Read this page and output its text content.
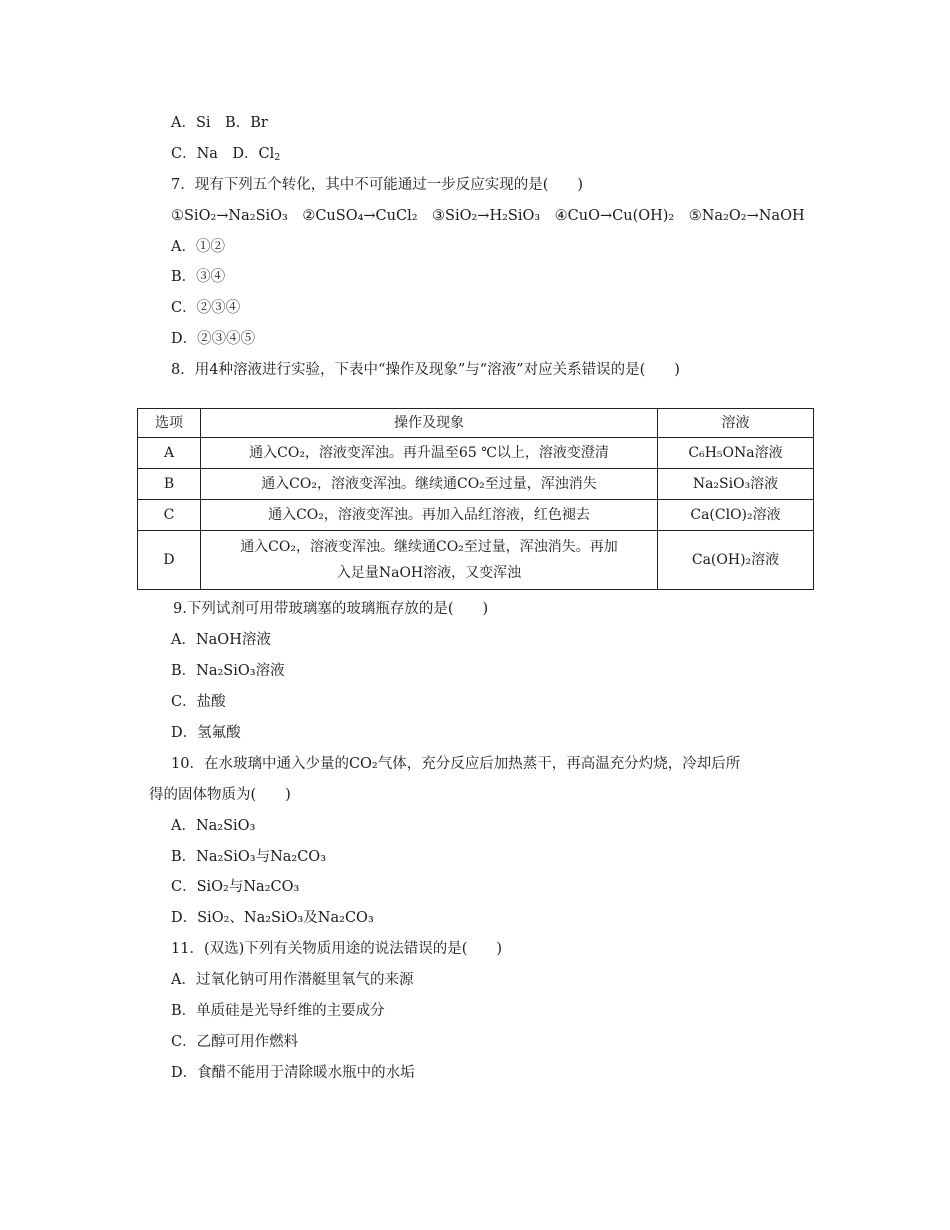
A．Si　B．Br
C．Na　D．$Cl_2$
7．现有下列五个转化，其中不可能通过一步反应实现的是(　　)
①SiO₂→Na₂SiO₃　②CuSO₄→CuCl₂　③SiO₂→H₂SiO₃　④CuO→Cu(OH)₂　⑤Na₂O₂→NaOH
A．①②
B．③④
C．②③④
D．②③④⑤
8．用4种溶液进行实验，下表中“操作及现象”与“溶液”对应关系错误的是(　　)
选项	操作及现象	溶液
A	通入CO₂，溶液变浑浊。再升温至65 ℃以上，溶液变澄清	C₆H₅ONa溶液
B	通入CO₂，溶液变浑浊。继续通CO₂至过量，浑浊消失	Na₂SiO₃溶液
C	通入CO₂，溶液变浑浊。再加入品红溶液，红色褪去	Ca(ClO)₂溶液
D	通入CO₂，溶液变浑浊。继续通CO₂至过量，浑浊消失。再加
入足量NaOH溶液，又变浑浊	Ca(OH)₂溶液
9.下列试剂可用带玻璃塞的玻璃瓶存放的是(　　)
A．NaOH溶液
B．Na₂SiO₃溶液
C．盐酸
D．氢氟酸
10．在水玻璃中通入少量的CO₂气体，充分反应后加热蒸干，再高温充分灼烧，冷却后所
得的固体物质为(　　)
A．Na₂SiO₃
B．Na₂SiO₃与Na₂CO₃
C．SiO₂与Na₂CO₃
D．SiO₂、Na₂SiO₃及Na₂CO₃
11．(双选)下列有关物质用途的说法错误的是(　　)
A．过氧化钠可用作潜艇里氧气的来源
B．单质硅是光导纤维的主要成分
C．乙醇可用作燃料
D．食醋不能用于清除暖水瓶中的水垢
